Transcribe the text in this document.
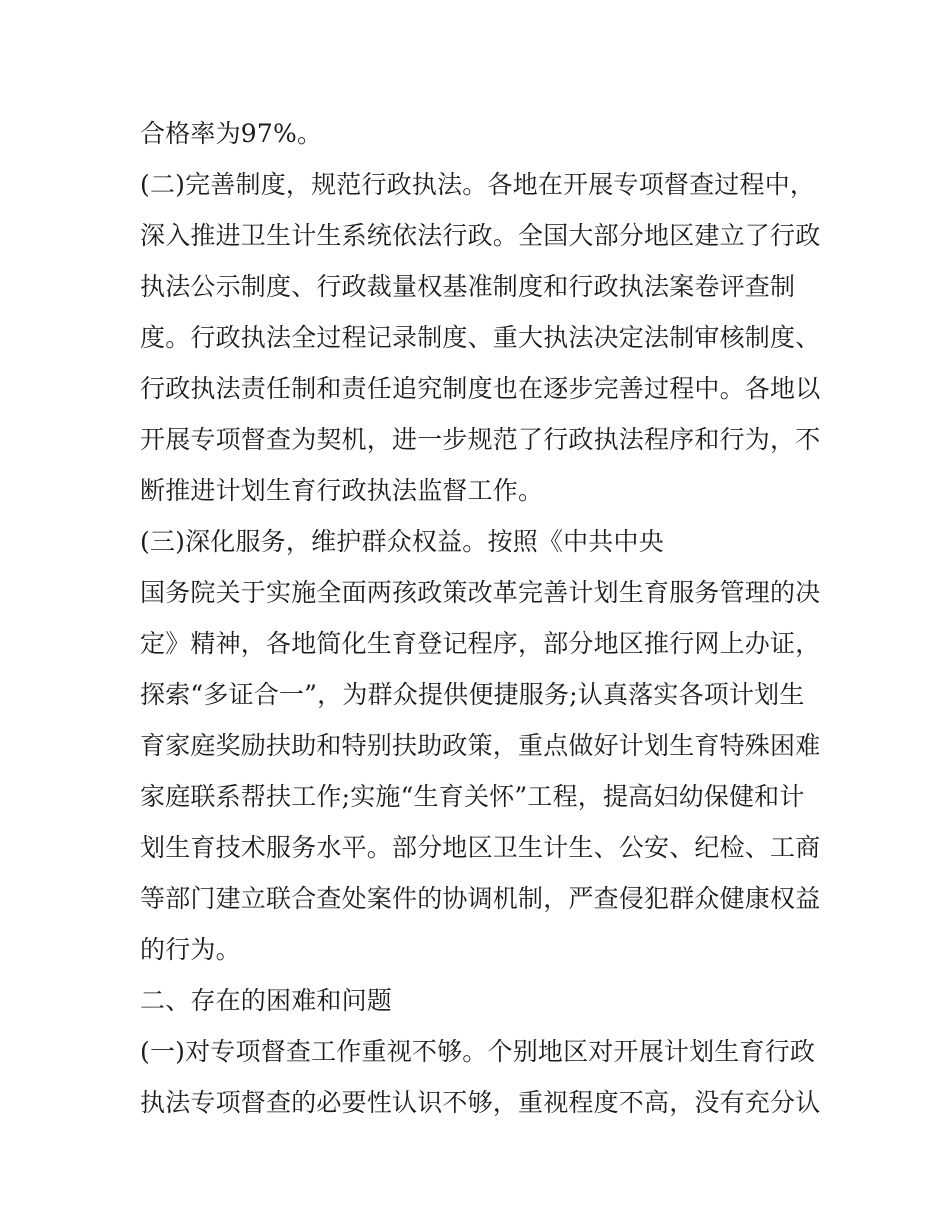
合格率为97%。
(二)完善制度，规范行政执法。各地在开展专项督查过程中，
深入推进卫生计生系统依法行政。全国大部分地区建立了行政
执法公示制度、行政裁量权基准制度和行政执法案卷评查制
度。行政执法全过程记录制度、重大执法决定法制审核制度、
行政执法责任制和责任追究制度也在逐步完善过程中。各地以
开展专项督查为契机，进一步规范了行政执法程序和行为，不
断推进计划生育行政执法监督工作。
(三)深化服务，维护群众权益。按照《中共中央
国务院关于实施全面两孩政策改革完善计划生育服务管理的决
定》精神，各地简化生育登记程序，部分地区推行网上办证，
探索“多证合一”，为群众提供便捷服务;认真落实各项计划生
育家庭奖励扶助和特别扶助政策，重点做好计划生育特殊困难
家庭联系帮扶工作;实施“生育关怀”工程，提高妇幼保健和计
划生育技术服务水平。部分地区卫生计生、公安、纪检、工商
等部门建立联合查处案件的协调机制，严查侵犯群众健康权益
的行为。
二、存在的困难和问题
(一)对专项督查工作重视不够。个别地区对开展计划生育行政
执法专项督查的必要性认识不够，重视程度不高，没有充分认
